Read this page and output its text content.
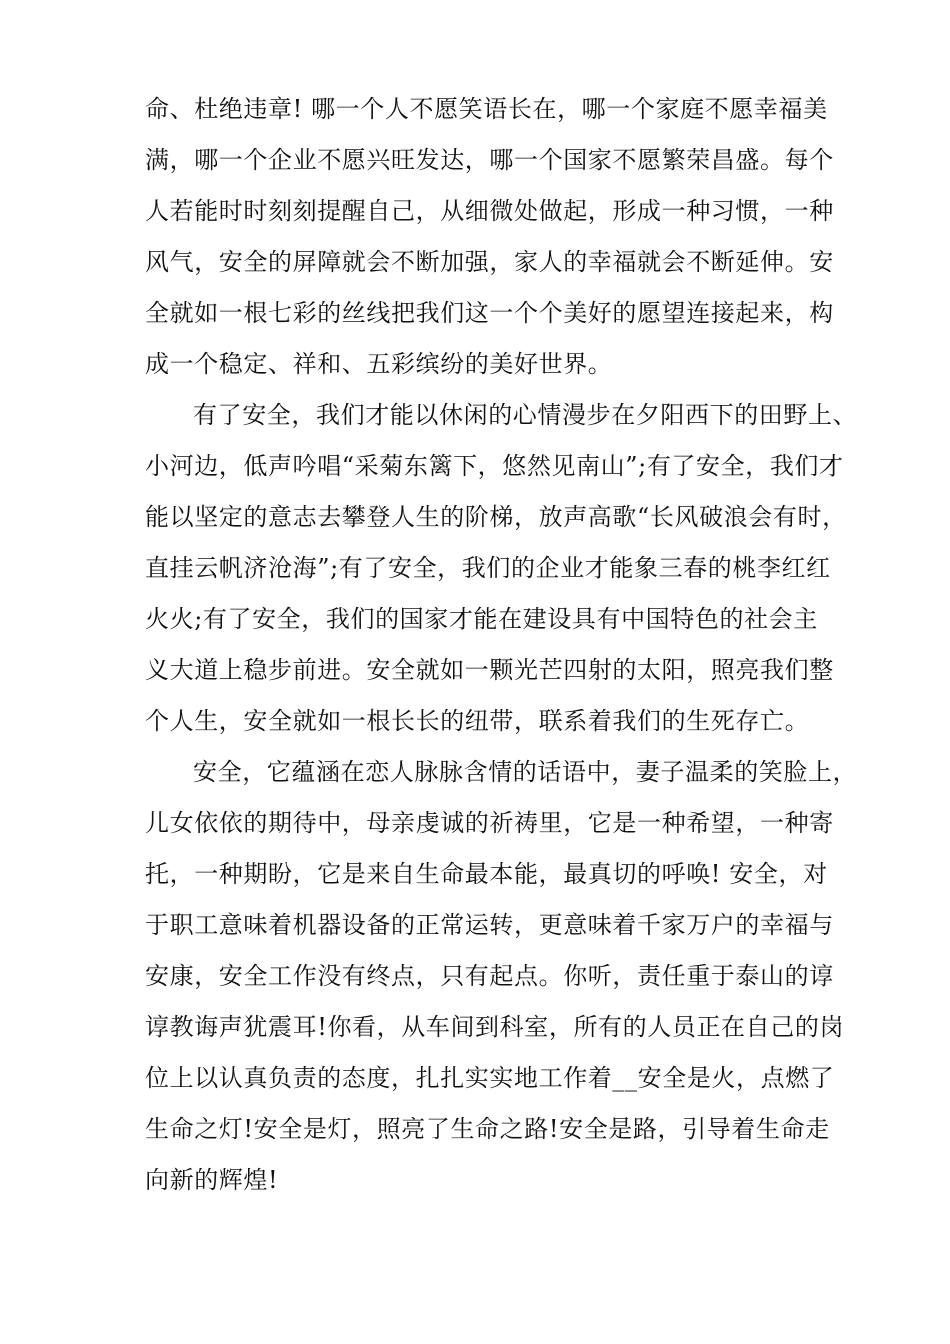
命、杜绝违章! 哪一个人不愿笑语长在，哪一个家庭不愿幸福美
满，哪一个企业不愿兴旺发达，哪一个国家不愿繁荣昌盛。每个
人若能时时刻刻提醒自己，从细微处做起，形成一种习惯，一种
风气，安全的屏障就会不断加强，家人的幸福就会不断延伸。安
全就如一根七彩的丝线把我们这一个个美好的愿望连接起来，构
成一个稳定、祥和、五彩缤纷的美好世界。
有了安全，我们才能以休闲的心情漫步在夕阳西下的田野上、
小河边，低声吟唱“采菊东篱下，悠然见南山”;有了安全，我们才
能以坚定的意志去攀登人生的阶梯，放声高歌“长风破浪会有时，
直挂云帆济沧海”;有了安全，我们的企业才能象三春的桃李红红
火火;有了安全，我们的国家才能在建设具有中国特色的社会主
义大道上稳步前进。安全就如一颗光芒四射的太阳，照亮我们整
个人生，安全就如一根长长的纽带，联系着我们的生死存亡。
安全，它蕴涵在恋人脉脉含情的话语中，妻子温柔的笑脸上，
儿女依依的期待中，母亲虔诚的祈祷里，它是一种希望，一种寄
托，一种期盼，它是来自生命最本能，最真切的呼唤! 安全，对
于职工意味着机器设备的正常运转，更意味着千家万户的幸福与
安康，安全工作没有终点，只有起点。你听，责任重于泰山的谆
谆教诲声犹震耳!你看，从车间到科室，所有的人员正在自己的岗
位上以认真负责的态度，扎扎实实地工作着__安全是火，点燃了
生命之灯!安全是灯，照亮了生命之路!安全是路，引导着生命走
向新的辉煌!
